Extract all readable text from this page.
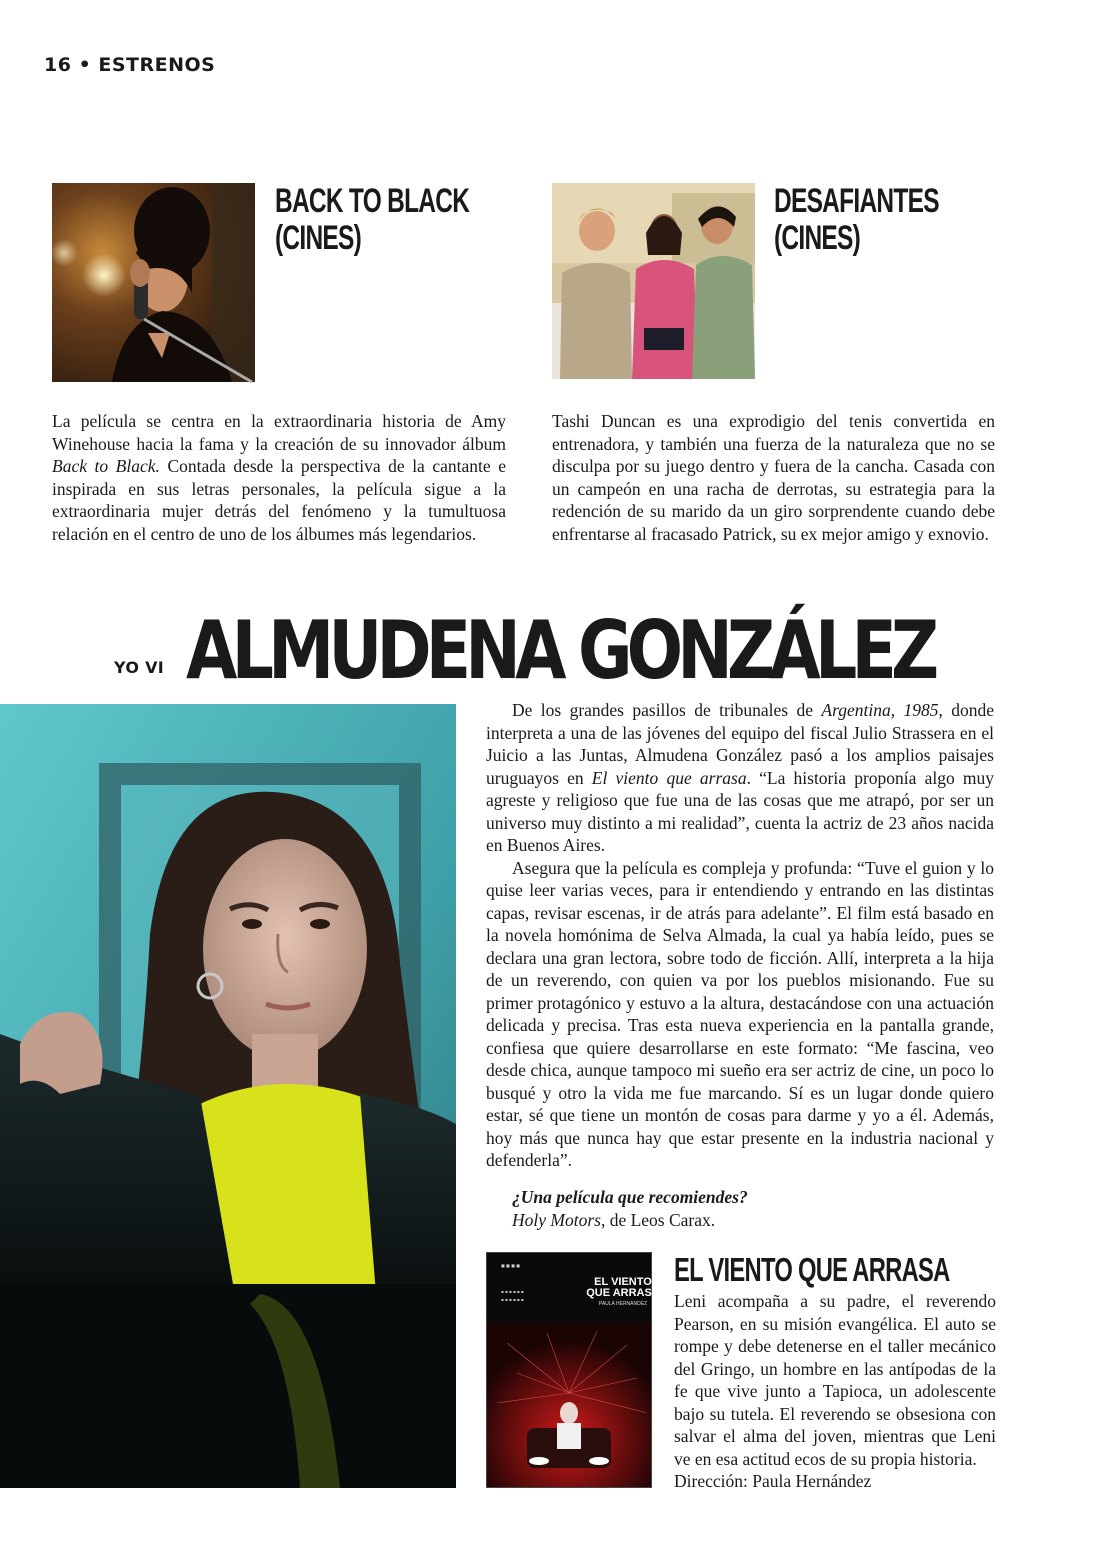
16 • ESTRENOS
BACK TO BLACK
(CINES)
La película se centra en la extraordinaria historia de Amy Winehouse hacia la fama y la creación de su innovador álbum Back to Black. Contada desde la perspectiva de la cantante e inspirada en sus letras personales, la película sigue a la extraordinaria mujer detrás del fenómeno y la tumultuosa relación en el centro de uno de los álbumes más legendarios.
DESAFIANTES
(CINES)
Tashi Duncan es una exprodigio del tenis convertida en entrenadora, y también una fuerza de la naturaleza que no se disculpa por su juego dentro y fuera de la cancha. Casada con un campeón en una racha de derrotas, su estrategia para la redención de su marido da un giro sorprendente cuando debe enfrentarse al fracasado Patrick, su ex mejor amigo y exnovio.
YO VI ALMUDENA GONZÁLEZ

De los grandes pasillos de tribunales de Argentina, 1985, donde interpreta a una de las jóvenes del equipo del fiscal Julio Strassera en el Juicio a las Juntas, Almudena González pasó a los amplios paisajes uruguayos en El viento que arrasa. “La historia proponía algo muy agreste y religioso que fue una de las cosas que me atrapó, por ser un universo muy distinto a mi realidad”, cuenta la actriz de 23 años nacida en Buenos Aires.

Asegura que la película es compleja y profunda: “Tuve el guion y lo quise leer varias veces, para ir entendiendo y entrando en las distintas capas, revisar escenas, ir de atrás para adelante”. El film está basado en la novela homónima de Selva Almada, la cual ya había leído, pues se declara una gran lectora, sobre todo de ficción. Allí, interpreta a la hija de un reverendo, con quien va por los pueblos misionando. Fue su primer protagónico y estuvo a la altura, destacándose con una actuación delicada y precisa. Tras esta nueva experiencia en la pantalla grande, confiesa que quiere desarrollarse en este formato: “Me fascina, veo desde chica, aunque tampoco mi sueño era ser actriz de cine, un poco lo busqué y otro la vida me fue marcando. Sí es un lugar donde quiero estar, sé que tiene un montón de cosas para darme y yo a él. Además, hoy más que nunca hay que estar presente en la industria nacional y defenderla”.

¿Una película que recomiendes?
Holy Motors, de Leos Carax.
■ ■ ■ ■
▪ ▪ ▪ ▪ ▪ ▪
▪ ▪ ▪ ▪ ▪ ▪
EL VIENTO
QUE ARRASA
PAULA HERNÁNDEZ
EL VIENTO QUE ARRASA
Leni acompaña a su padre, el reverendo Pearson, en su misión evangélica. El auto se rompe y debe detenerse en el taller mecánico del Gringo, un hombre en las antípodas de la fe que vive junto a Tapioca, un adolescente bajo su tutela. El reverendo se obsesiona con salvar el alma del joven, mientras que Leni ve en esa actitud ecos de su propia historia.
Dirección: Paula Hernández
